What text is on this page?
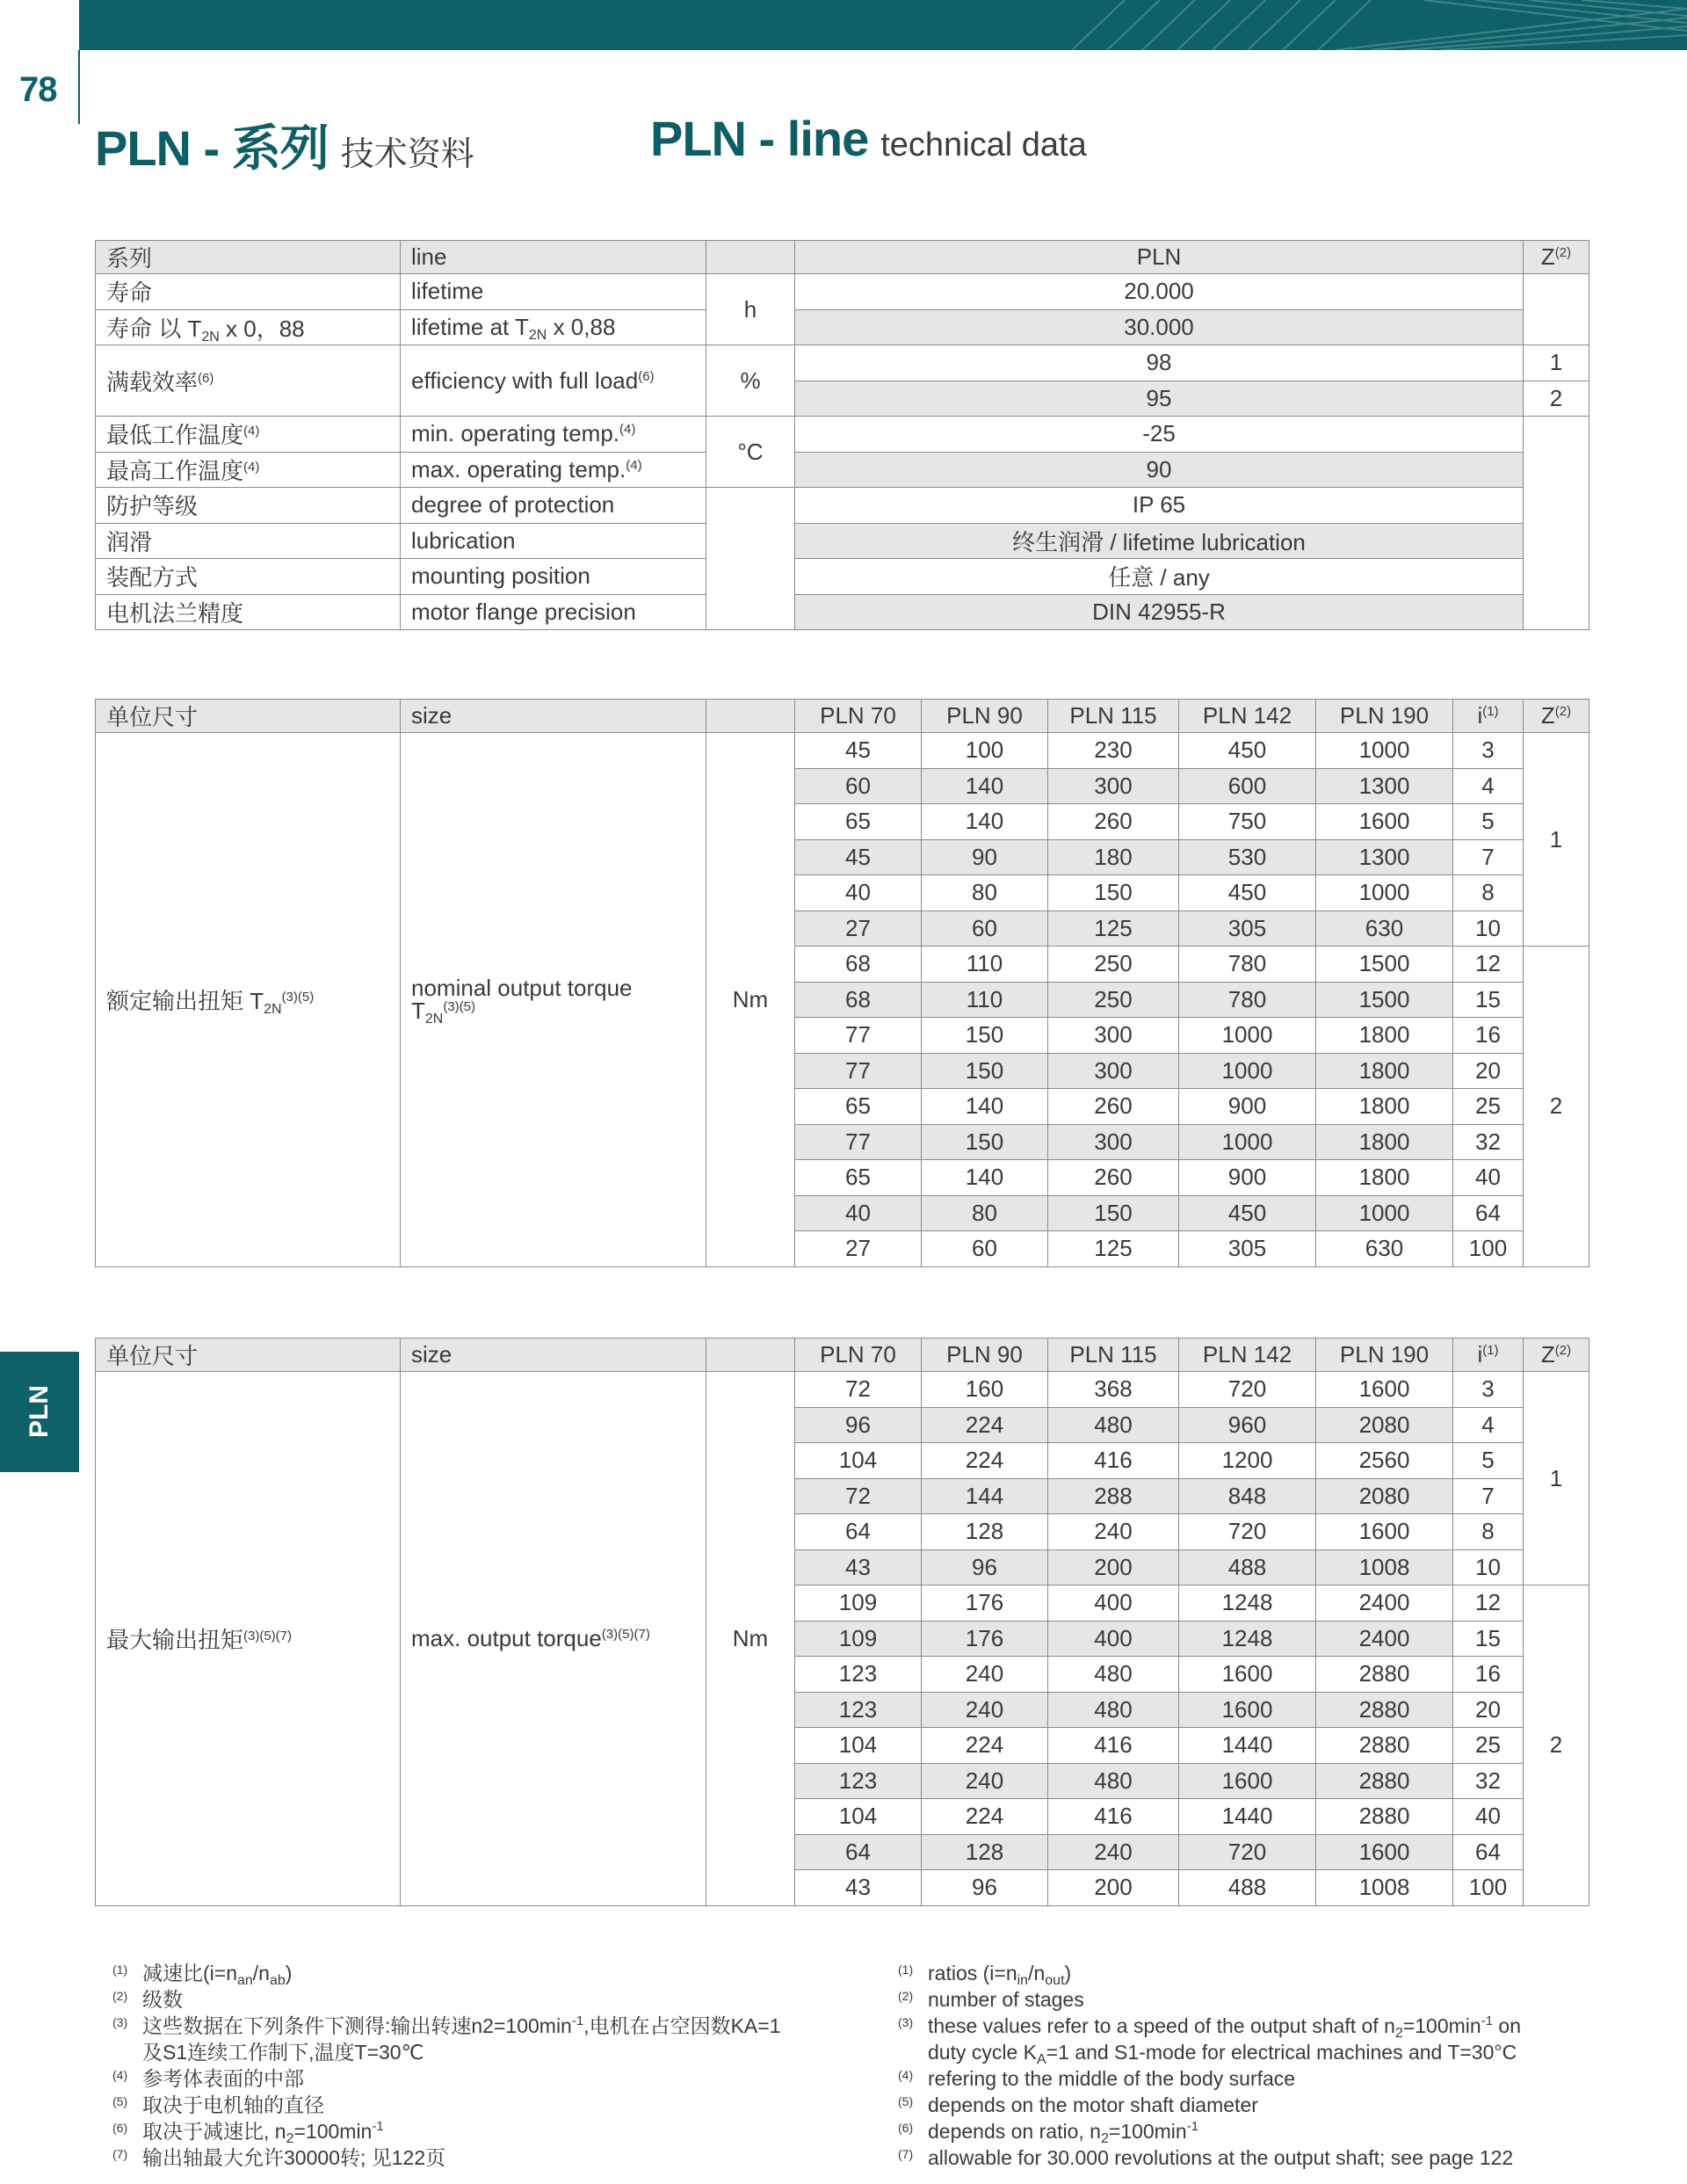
78
PLN
PLN - 系列 技术资料	PLN - line technical data
系列	line		PLN	$Z^{(2)}$
寿命	lifetime	h	20.000	
寿命 以 $T_{2N}$ x 0，88	lifetime at $T_{2N}$ x 0,88		30.000	
满载效率$^{(6)}$	efficiency with full load$^{(6)}$	%	98	1
			95	2
最低工作温度$^{(4)}$	min. operating temp.$^{(4)}$	°C	-25	
最高工作温度$^{(4)}$	max. operating temp.$^{(4)}$		90	
防护等级	degree of protection		IP 65	
润滑	lubrication		终生润滑 / lifetime lubrication	
装配方式	mounting position		任意 / any	
电机法兰精度	motor flange precision		DIN 42955-R	
单位尺寸	size		PLN 70	PLN 90	PLN 115	PLN 142	PLN 190	$i^{(1)}$	$Z^{(2)}$
额定输出扭矩 $T_{2N}^{(3)(5)}$	nominal output torque
$T_{2N}^{(3)(5)}$	Nm	45	100	230	450	1000	3	1
			60	140	300	600	1300	4	
			65	140	260	750	1600	5	
			45	90	180	530	1300	7	
			40	80	150	450	1000	8	
			27	60	125	305	630	10	
			68	110	250	780	1500	12	2
			68	110	250	780	1500	15	
			77	150	300	1000	1800	16	
			77	150	300	1000	1800	20	
			65	140	260	900	1800	25	
			77	150	300	1000	1800	32	
			65	140	260	900	1800	40	
			40	80	150	450	1000	64	
			27	60	125	305	630	100	
单位尺寸	size		PLN 70	PLN 90	PLN 115	PLN 142	PLN 190	$i^{(1)}$	$Z^{(2)}$
最大输出扭矩$^{(3)(5)(7)}$	max. output torque$^{(3)(5)(7)}$	Nm	72	160	368	720	1600	3	1
			96	224	480	960	2080	4	
			104	224	416	1200	2560	5	
			72	144	288	848	2080	7	
			64	128	240	720	1600	8	
			43	96	200	488	1008	10	
			109	176	400	1248	2400	12	2
			109	176	400	1248	2400	15	
			123	240	480	1600	2880	16	
			123	240	480	1600	2880	20	
			104	224	416	1440	2880	25	
			123	240	480	1600	2880	32	
			104	224	416	1440	2880	40	
			64	128	240	720	1600	64	
			43	96	200	488	1008	100	
(1) 减速比$(i=n_{an}/n_{ab})$
(2) 级数
(3) 这些数据在下列条件下测得:输出转速$n2=100\min^{-1}$,电机在占空因数KA=1
及S1连续工作制下,温度T=30℃
(4) 参考体表面的中部
(5) 取决于电机轴的直径
(6) 取决于减速比, $n_2=100\min^{-1}$
(7) 输出轴最大允许30000转; 见122页
(1) ratios $(i=n_{in}/n_{out})$
(2) number of stages
(3) these values refer to a speed of the output shaft of $n_2=100\min^{-1}$ on
duty cycle $K_A=1$ and S1-mode for electrical machines and T=30°C
(4) refering to the middle of the body surface
(5) depends on the motor shaft diameter
(6) depends on ratio, $n_2=100\min^{-1}$
(7) allowable for 30.000 revolutions at the output shaft; see page 122
